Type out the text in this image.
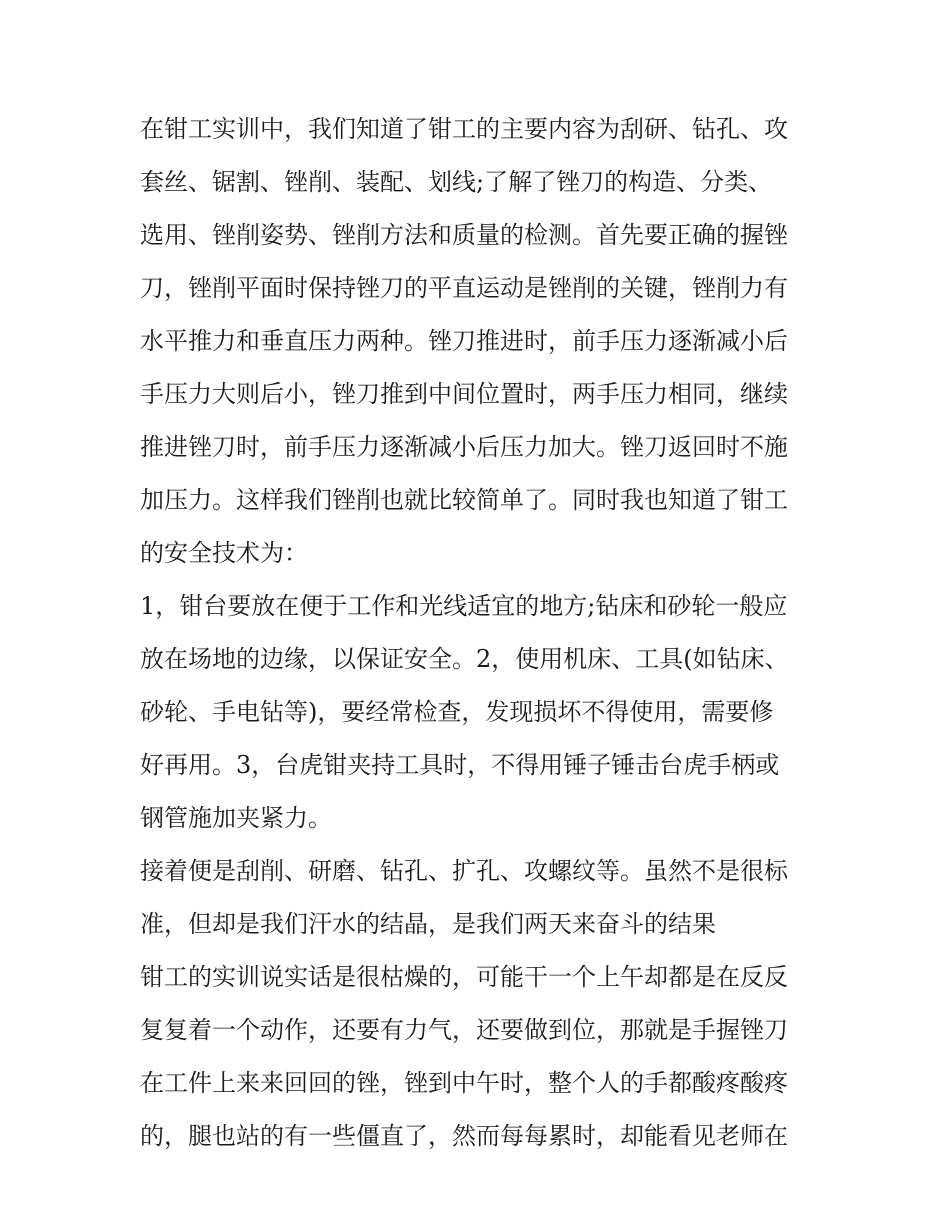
在钳工实训中，我们知道了钳工的主要内容为刮研、钻孔、攻
套丝、锯割、锉削、装配、划线;了解了锉刀的构造、分类、
选用、锉削姿势、锉削方法和质量的检测。首先要正确的握锉
刀，锉削平面时保持锉刀的平直运动是锉削的关键，锉削力有
水平推力和垂直压力两种。锉刀推进时，前手压力逐渐减小后
手压力大则后小，锉刀推到中间位置时，两手压力相同，继续
推进锉刀时，前手压力逐渐减小后压力加大。锉刀返回时不施
加压力。这样我们锉削也就比较简单了。同时我也知道了钳工
的安全技术为：
1，钳台要放在便于工作和光线适宜的地方;钻床和砂轮一般应
放在场地的边缘，以保证安全。2，使用机床、工具(如钻床、
砂轮、手电钻等)，要经常检查，发现损坏不得使用，需要修
好再用。3，台虎钳夹持工具时，不得用锤子锤击台虎手柄或
钢管施加夹紧力。
接着便是刮削、研磨、钻孔、扩孔、攻螺纹等。虽然不是很标
准，但却是我们汗水的结晶，是我们两天来奋斗的结果
钳工的实训说实话是很枯燥的，可能干一个上午却都是在反反
复复着一个动作，还要有力气，还要做到位，那就是手握锉刀
在工件上来来回回的锉，锉到中午时，整个人的手都酸疼酸疼
的，腿也站的有一些僵直了，然而每每累时，却能看见老师在
